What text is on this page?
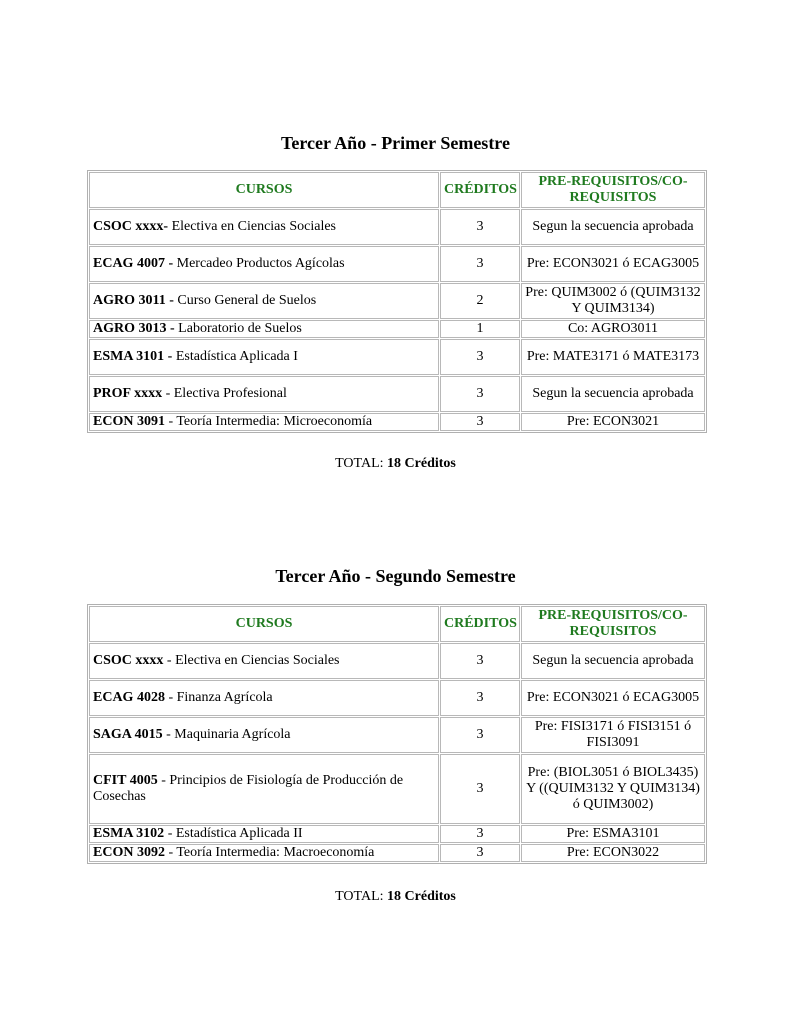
Tercer Año - Primer Semestre
CURSOS	CRÉDITOS	PRE-REQUISITOS/CO-REQUISITOS
CSOC xxxx- Electiva en Ciencias Sociales	3	Segun la secuencia aprobada
ECAG 4007 - Mercadeo Productos Agícolas	3	Pre: ECON3021 ó ECAG3005
AGRO 3011 - Curso General de Suelos	2	Pre: QUIM3002 ó (QUIM3132 Y QUIM3134)
AGRO 3013 - Laboratorio de Suelos	1	Co: AGRO3011
ESMA 3101 - Estadística Aplicada I	3	Pre: MATE3171 ó MATE3173
PROF xxxx - Electiva Profesional	3	Segun la secuencia aprobada
ECON 3091 - Teoría Intermedia: Microeconomía	3	Pre: ECON3021
TOTAL: 18 Créditos
Tercer Año - Segundo Semestre
CURSOS	CRÉDITOS	PRE-REQUISITOS/CO-REQUISITOS
CSOC xxxx - Electiva en Ciencias Sociales	3	Segun la secuencia aprobada
ECAG 4028 - Finanza Agrícola	3	Pre: ECON3021 ó ECAG3005
SAGA 4015 - Maquinaria Agrícola	3	Pre: FISI3171 ó FISI3151 ó FISI3091
CFIT 4005 - Principios de Fisiología de Producción de Cosechas	3	Pre: (BIOL3051 ó BIOL3435) Y ((QUIM3132 Y QUIM3134) ó QUIM3002)
ESMA 3102 - Estadística Aplicada II	3	Pre: ESMA3101
ECON 3092 - Teoría Intermedia: Macroeconomía	3	Pre: ECON3022
TOTAL: 18 Créditos
